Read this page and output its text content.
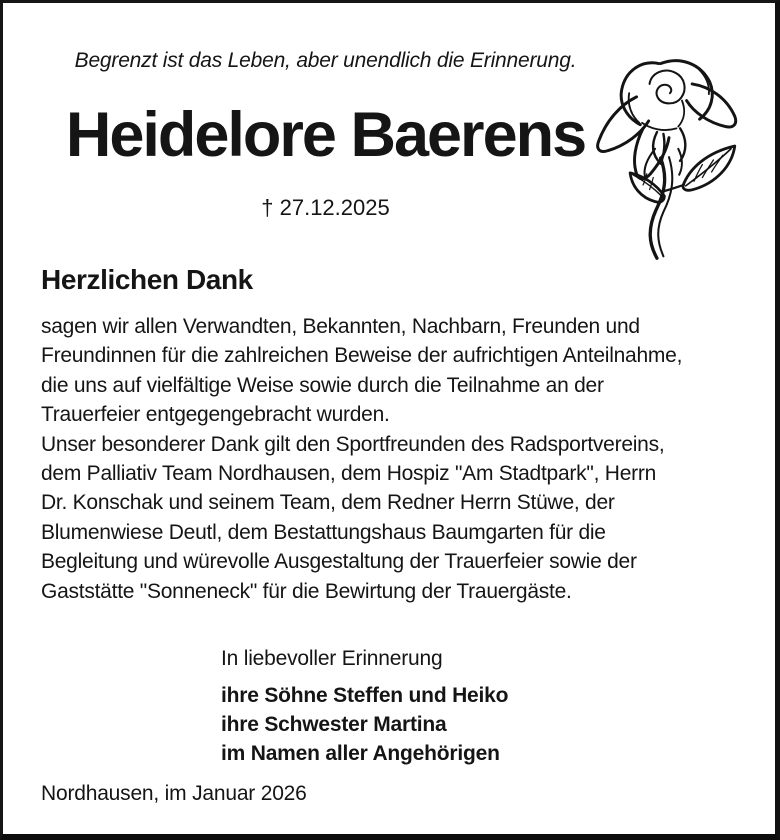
Begrenzt ist das Leben, aber unendlich die Erinnerung.
Heidelore Baerens
† 27.12.2025
Herzlichen Dank
sagen wir allen Verwandten, Bekannten, Nachbarn, Freunden und
Freundinnen für die zahlreichen Beweise der aufrichtigen Anteilnahme,
die uns auf vielfältige Weise sowie durch die Teilnahme an der
Trauerfeier entgegengebracht wurden.
Unser besonderer Dank gilt den Sportfreunden des Radsportvereins,
dem Palliativ Team Nordhausen, dem Hospiz "Am Stadtpark", Herrn
Dr. Konschak und seinem Team, dem Redner Herrn Stüwe, der
Blumenwiese Deutl, dem Bestattungshaus Baumgarten für die
Begleitung und würevolle Ausgestaltung der Trauerfeier sowie der
Gaststätte "Sonneneck" für die Bewirtung der Trauergäste.
In liebevoller Erinnerung
ihre Söhne Steffen und Heiko
ihre Schwester Martina
im Namen aller Angehörigen
Nordhausen, im Januar 2026
